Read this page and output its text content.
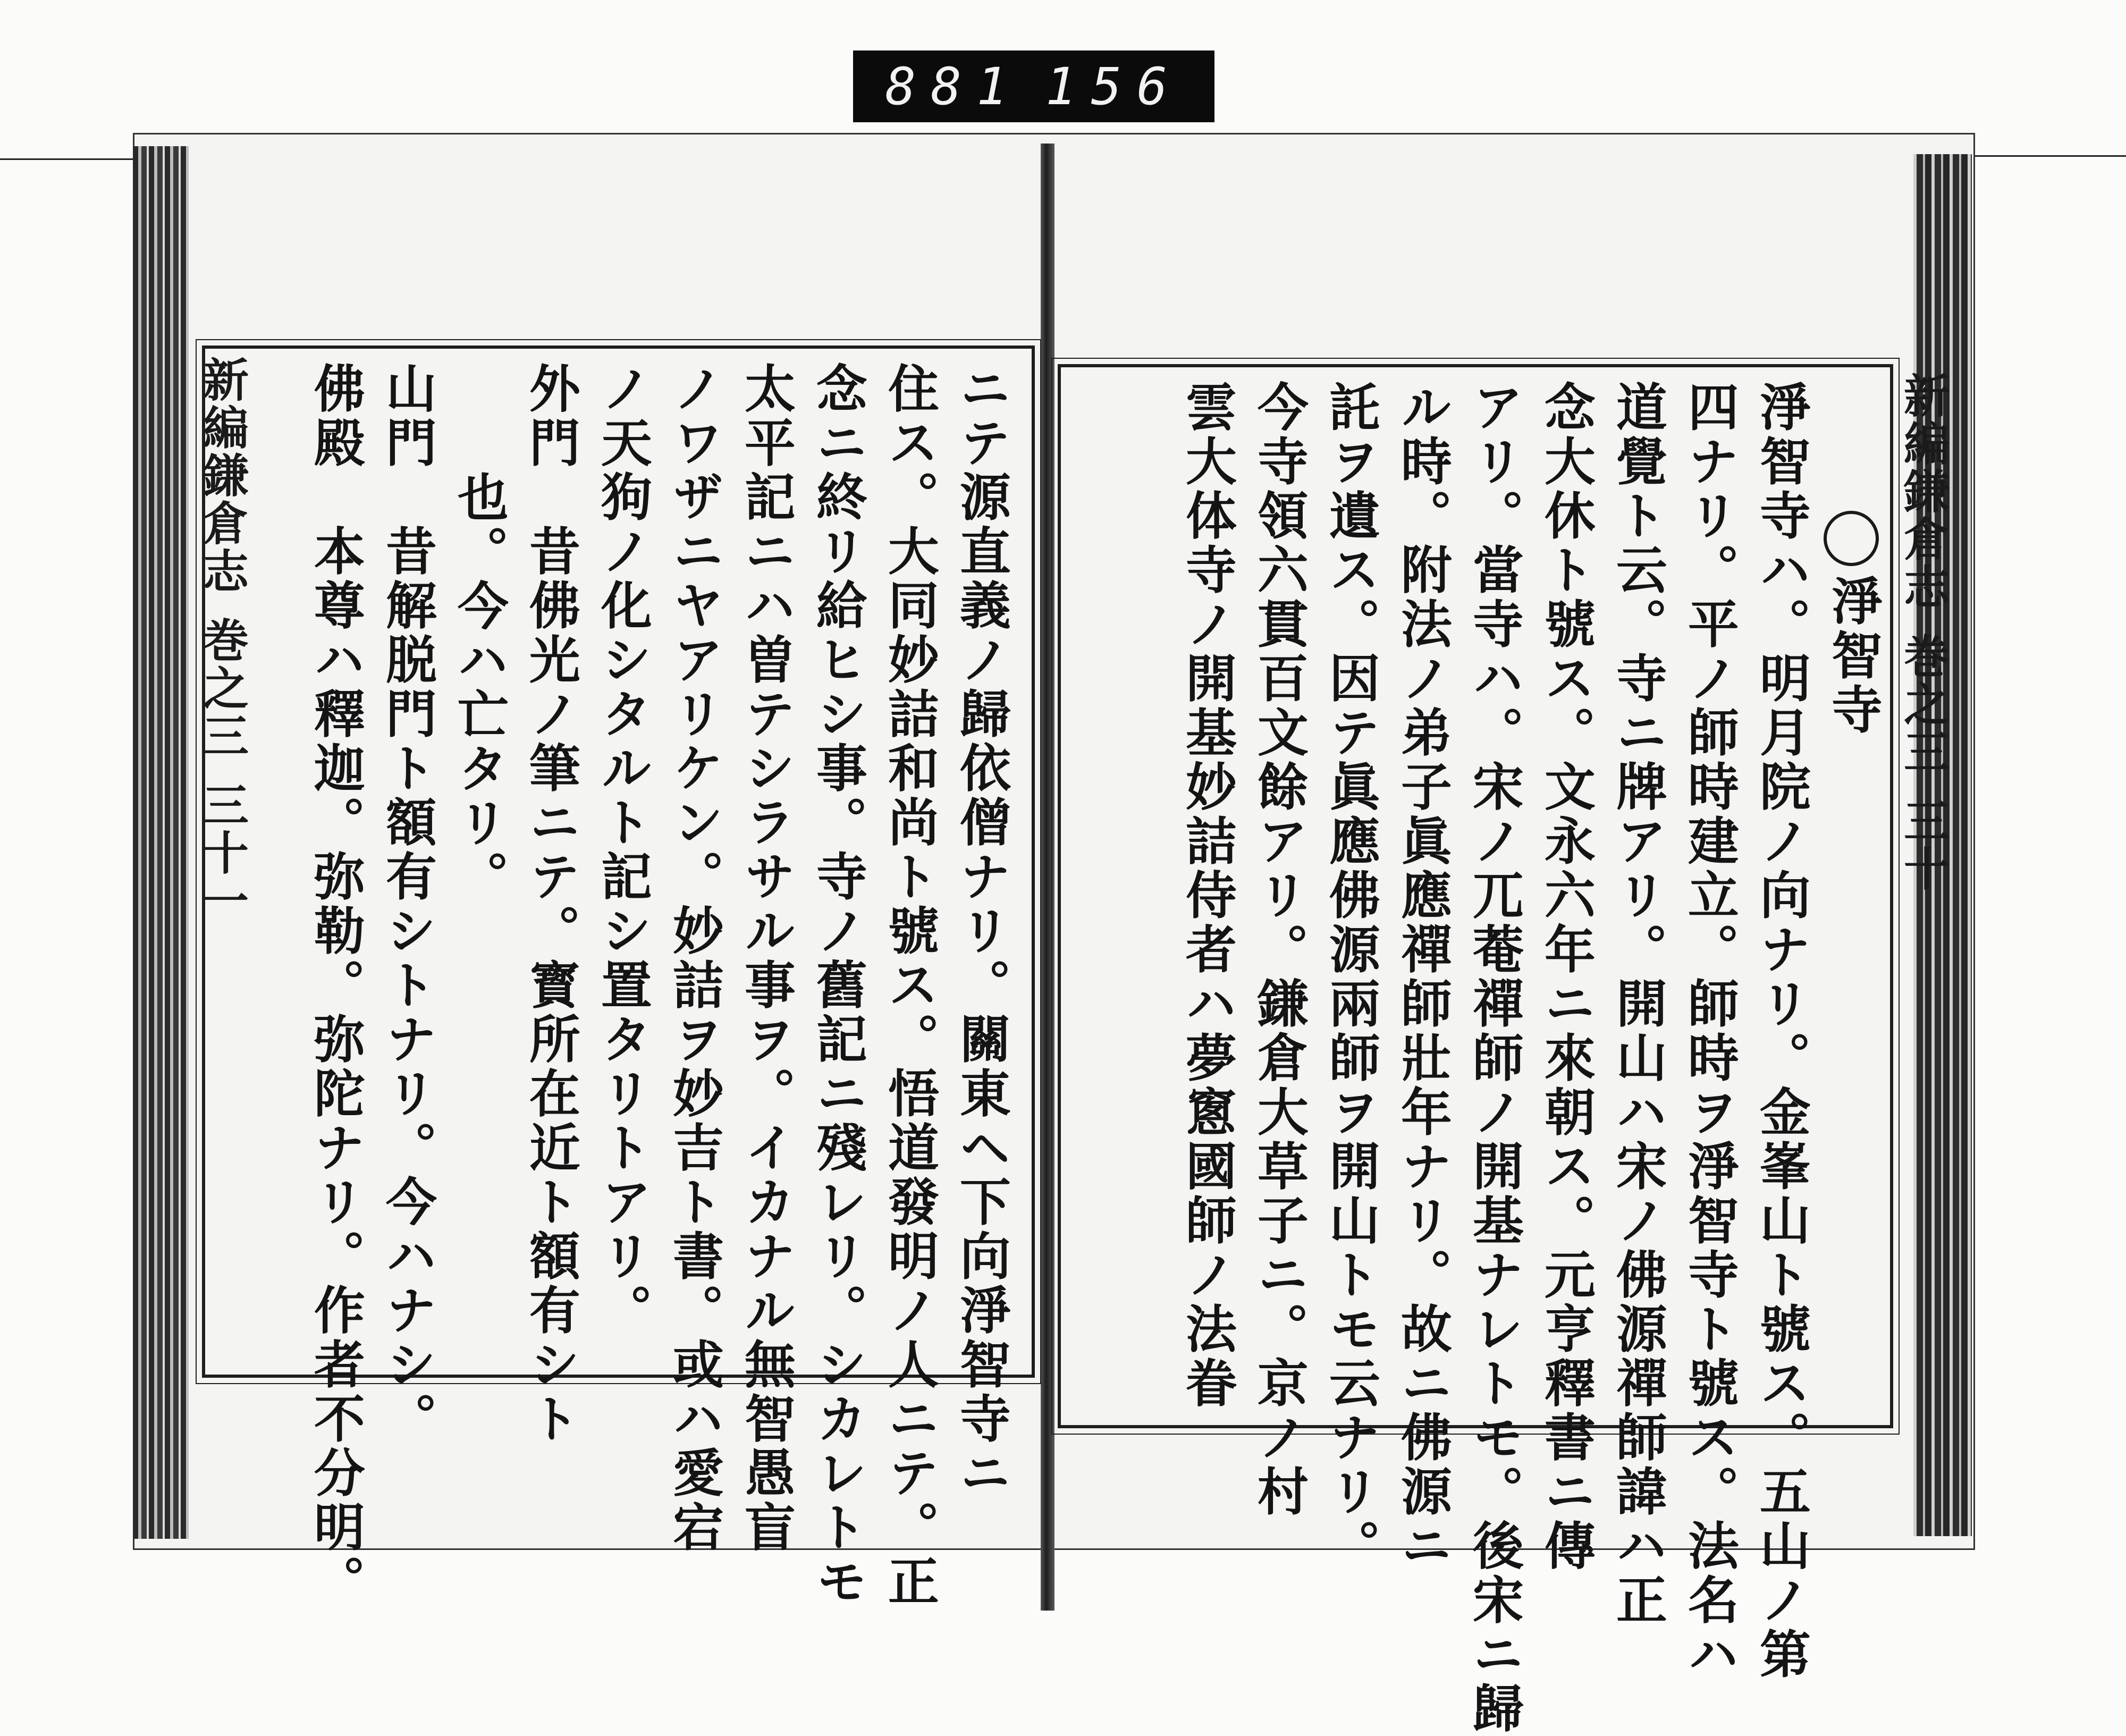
881 156
新編鎌倉志巻之三三十一	ニテ源直義ノ歸依僧ナリ。關東ヘ下向淨智寺ニ
住ス。大同妙詰和尚ト號ス。悟道發明ノ人ニテ。正
念ニ終リ給ヒシ事。寺ノ舊記ニ殘レリ。シカレトモ
太平記ニハ曽テシラサル事ヲ。イカナル無智愚盲
ノワザニヤアリケン。妙詰ヲ妙吉ト書。或ハ愛宕
ノ天狗ノ化シタルト記シ置タリトアリ。
外門　昔佛光ノ筆ニテ。寳所在近ト額有シト
也。今ハ亡タリ。
山門　昔解脱門ト額有シトナリ。今ハナシ。
佛殿　本尊ハ釋迦。弥勒。弥陀ナリ。作者不分明。	淨智寺
淨智寺ハ。明月院ノ向ナリ。金峯山ト號ス。五山ノ第
四ナリ。平ノ師時建立。師時ヲ淨智寺ト號ス。法名ハ
道覺ト云。寺ニ牌アリ。開山ハ宋ノ佛源禪師諱ハ正
念大休ト號ス。文永六年ニ來朝ス。元亨釋書ニ傳
アリ。當寺ハ。宋ノ兀菴禪師ノ開基ナレトモ。後宋ニ歸
ル時。附法ノ弟子眞應禪師壯年ナリ。故ニ佛源ニ
託ヲ遺ス。因テ眞應佛源兩師ヲ開山トモ云ナリ。
今寺領六貫百文餘アリ。鎌倉大草子ニ。京ノ村
雲大体寺ノ開基妙詰侍者ハ夢窻國師ノ法眷	新編鎌倉志巻之三三十
